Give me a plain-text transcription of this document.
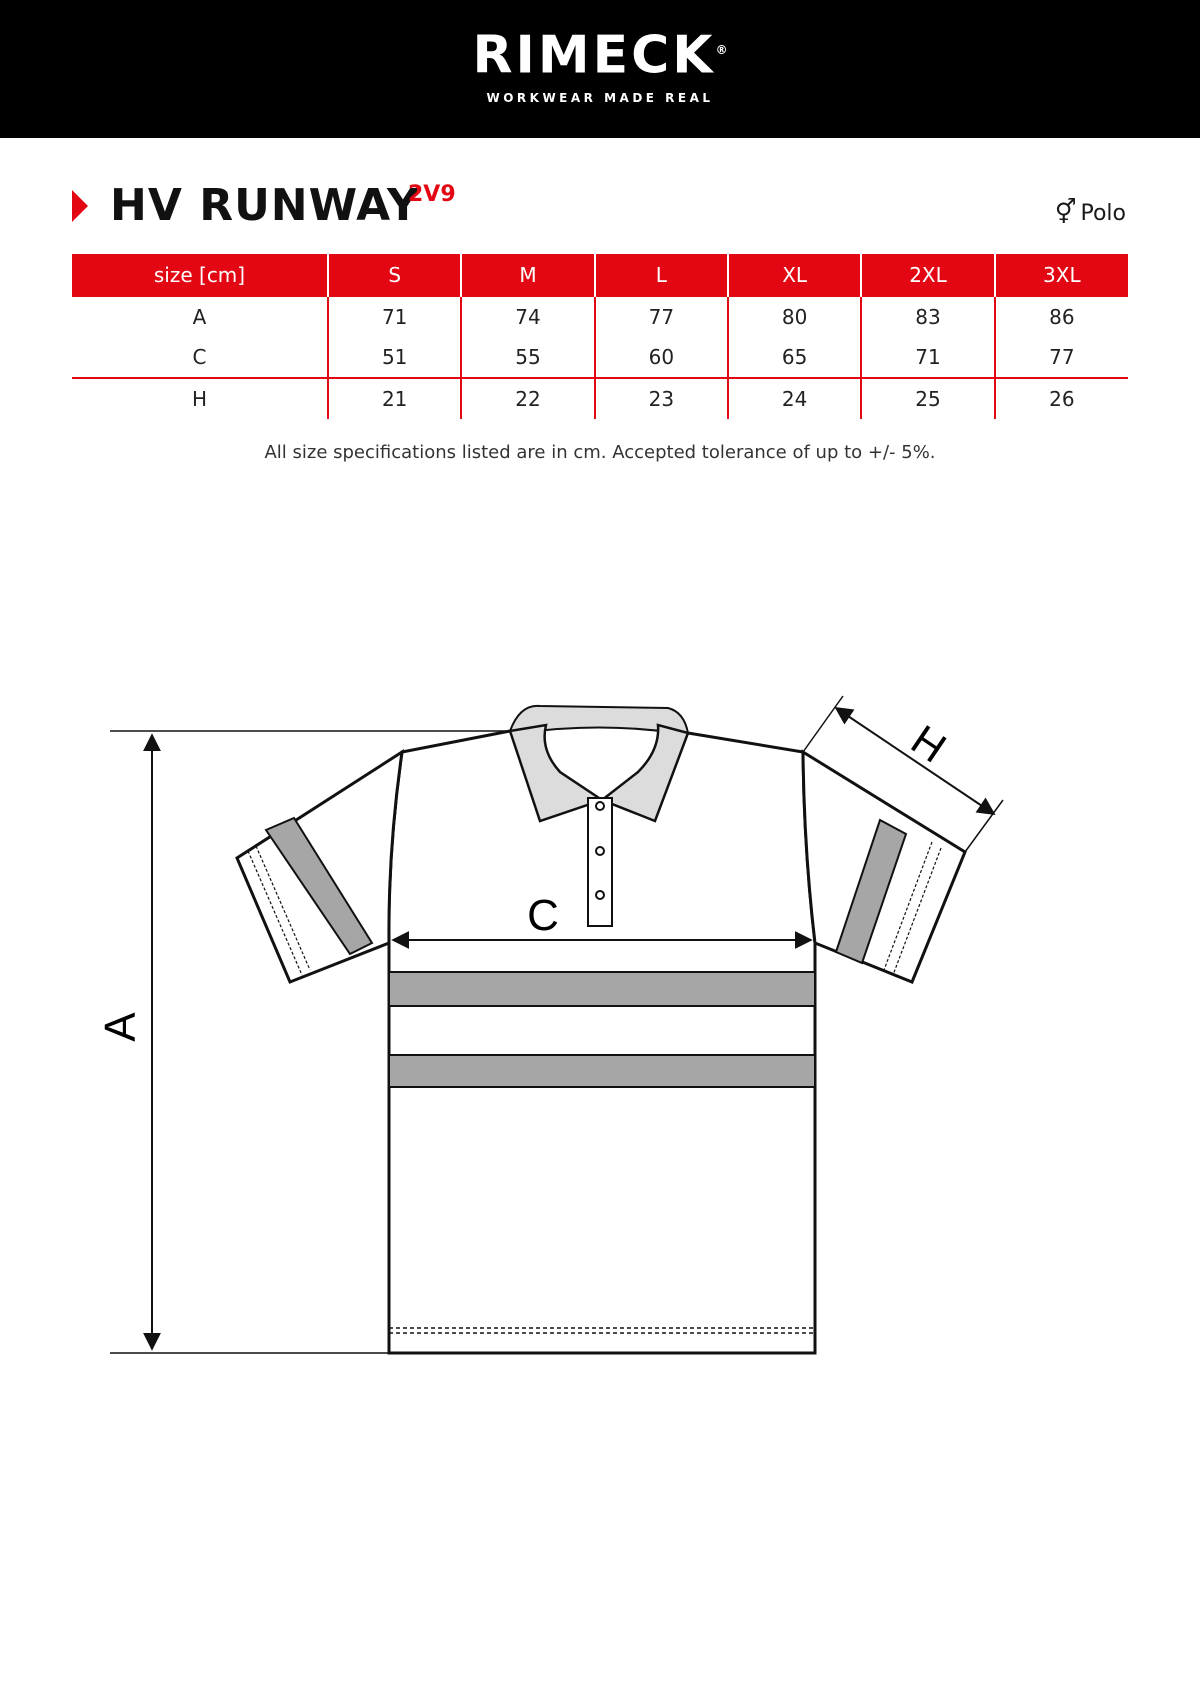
RIMECK®
WORKWEAR MADE REAL
HV RUNWAY
2V9
⚥ Polo
size [cm]	S	M	L	XL	2XL	3XL
A	71	74	77	80	83	86
C	51	55	60	65	71	77
H	21	22	23	24	25	26
All size specifications listed are in cm. Accepted tolerance of up to +/- 5%.
A
C
H
